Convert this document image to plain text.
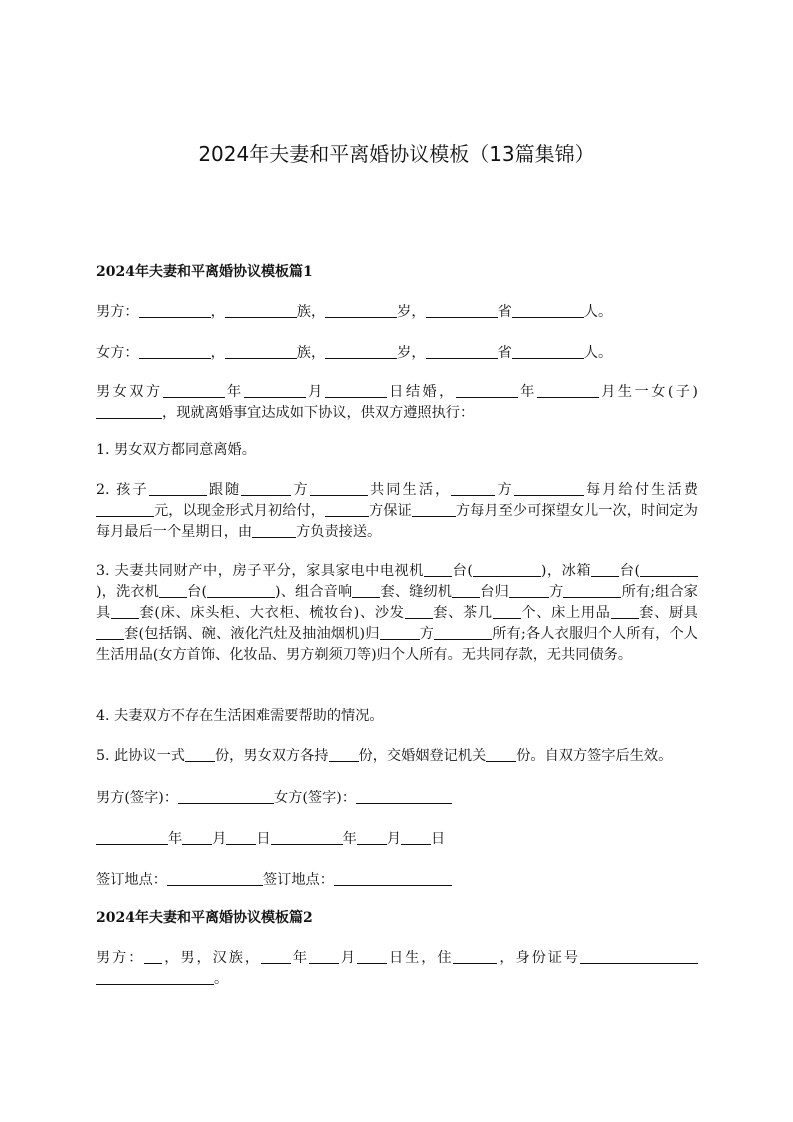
2024年夫妻和平离婚协议模板（13篇集锦）
2024年夫妻和平离婚协议模板篇1

男方：	，	族，	岁，	省	人。

女方：	，	族，	岁，	省	人。

男女双方	年	月	日结婚，	年	月生一女(子)，现就离婚事宜达成如下协议，供双方遵照执行：

1. 男女双方都同意离婚。

2. 孩子	跟随	方	共同生活，	方	每月给付生活费元，以现金形式月初给付，	方保证	方每月至少可探望女儿一次，时间定为每月最后一个星期日，由	方负责接送。

3. 夫妻共同财产中，房子平分，家具家电中电视机 台(	)，冰箱 台()，洗衣机 台(	)、组合音响 套、缝纫机 台归	方	所有;组合家具 套(床、床头柜、大衣柜、梳妆台)、沙发 套、茶几 个、床上用品 套、厨具套(包括锅、碗、液化汽灶及抽油烟机)归	方	所有;各人衣服归个人所有，个人生活用品(女方首饰、化妆品、男方剃须刀等)归个人所有。无共同存款，无共同债务。

4. 夫妻双方不存在生活困难需要帮助的情况。

5. 此协议一式 份，男女双方各持 份，交婚姻登记机关 份。自双方签字后生效。

男方(签字)：	女方(签字)：

年 月 日	年 月 日

签订地点：	签订地点：

2024年夫妻和平离婚协议模板篇2

男方： ，男，汉族， 年 月 日生，住	，身份证号。
